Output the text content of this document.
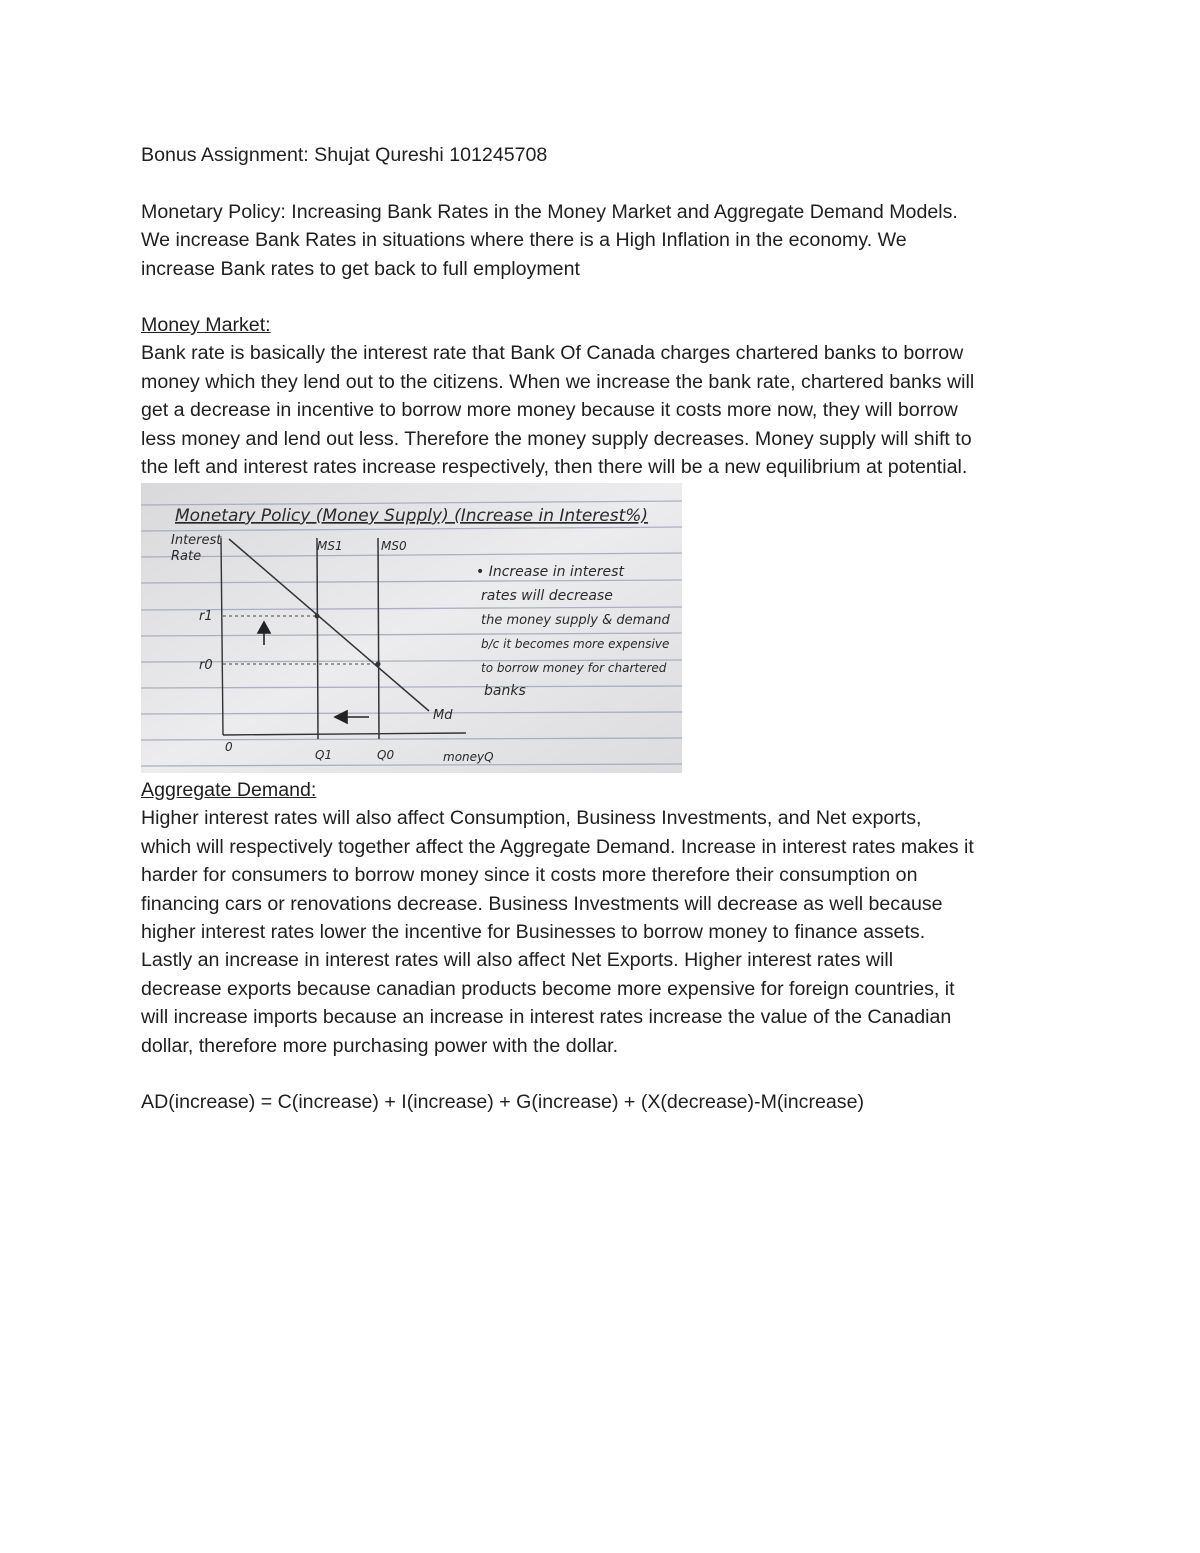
Bonus Assignment: Shujat Qureshi 101245708
Monetary Policy: Increasing Bank Rates in the Money Market and Aggregate Demand Models.
We increase Bank Rates in situations where there is a High Inflation in the economy. We
increase Bank rates to get back to full employment
Money Market:
Bank rate is basically the interest rate that Bank Of Canada charges chartered banks to borrow
money which they lend out to the citizens. When we increase the bank rate, chartered banks will
get a decrease in incentive to borrow more money because it costs more now, they will borrow
less money and lend out less. Therefore the money supply decreases. Money supply will shift to
the left and interest rates increase respectively, then there will be a new equilibrium at potential.
Monetary Policy (Money Supply) (Increase in Interest%)
Interest
Rate
r1
r0
0
MS1	MS0
Q1	Q0	moneyQ
Md
• Increase in interest
rates will decrease
the money supply & demand
b/c it becomes more expensive
to borrow money for chartered
banks
Aggregate Demand:
Higher interest rates will also affect Consumption, Business Investments, and Net exports,
which will respectively together affect the Aggregate Demand. Increase in interest rates makes it
harder for consumers to borrow money since it costs more therefore their consumption on
financing cars or renovations decrease. Business Investments will decrease as well because
higher interest rates lower the incentive for Businesses to borrow money to finance assets.
Lastly an increase in interest rates will also affect Net Exports. Higher interest rates will
decrease exports because canadian products become more expensive for foreign countries, it
will increase imports because an increase in interest rates increase the value of the Canadian
dollar, therefore more purchasing power with the dollar.
AD(increase) = C(increase) + I(increase) + G(increase) + (X(decrease)-M(increase)
